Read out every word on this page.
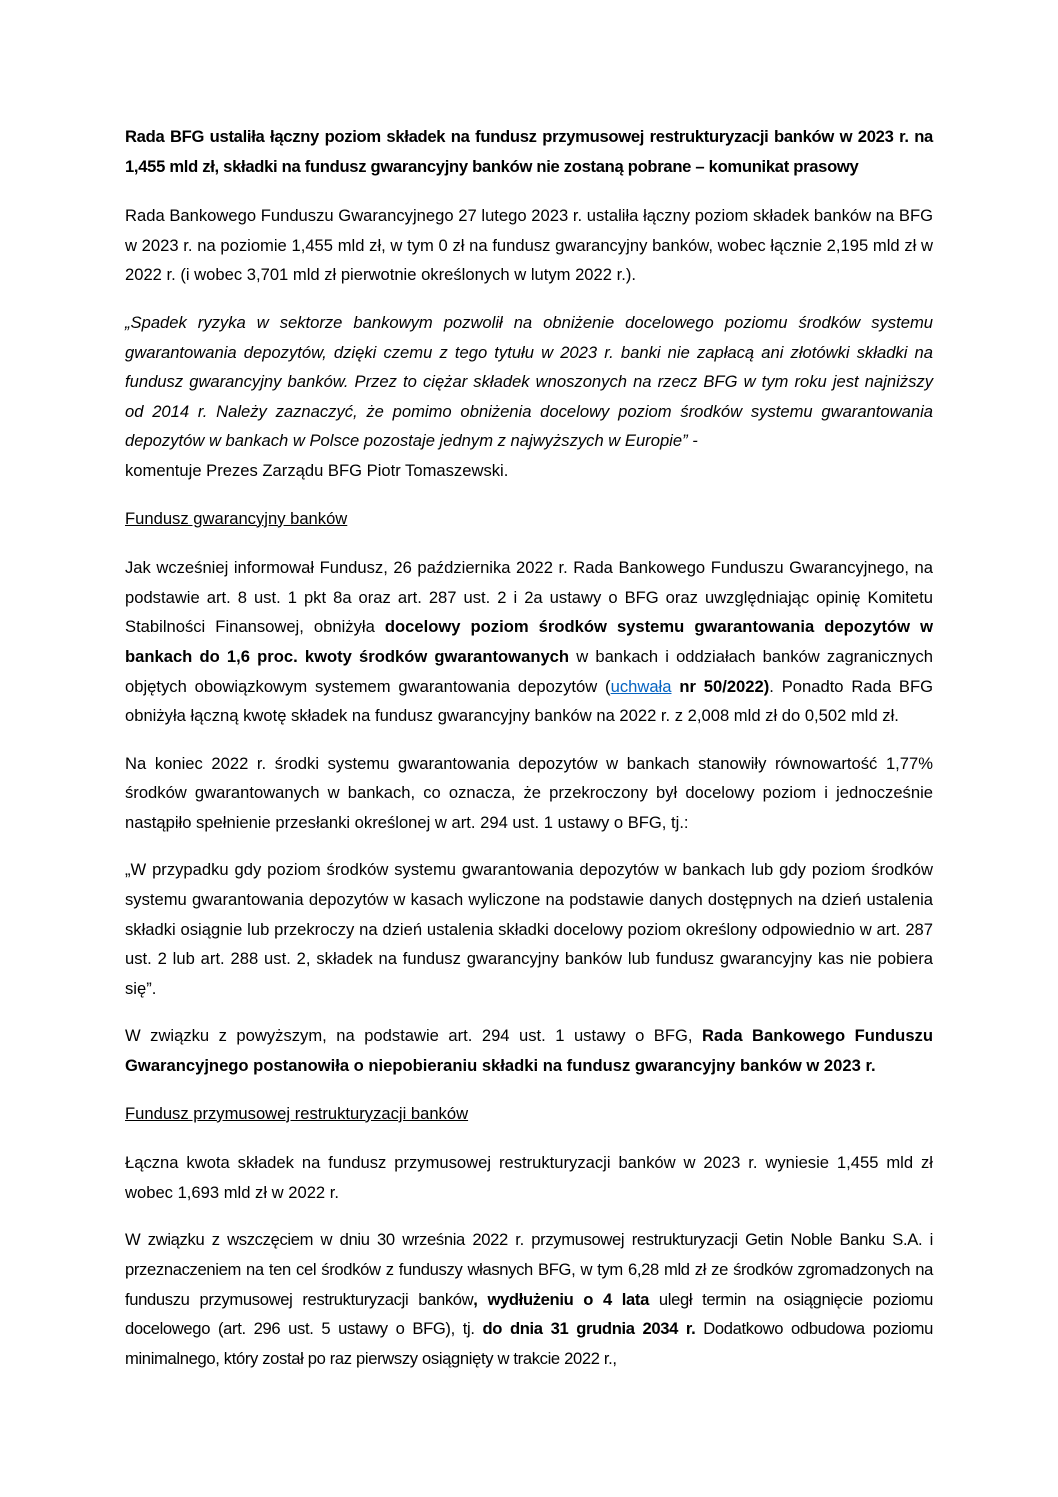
Rada BFG ustaliła łączny poziom składek na fundusz przymusowej restrukturyzacji banków w 2023 r. na 1,455 mld zł, składki na fundusz gwarancyjny banków nie zostaną pobrane – komunikat prasowy

Rada Bankowego Funduszu Gwarancyjnego 27 lutego 2023 r. ustaliła łączny poziom składek banków na BFG w 2023 r. na poziomie 1,455 mld zł, w tym 0 zł na fundusz gwarancyjny banków, wobec łącznie 2,195 mld zł w 2022 r. (i wobec 3,701 mld zł pierwotnie określonych w lutym 2022 r.).

„Spadek ryzyka w sektorze bankowym pozwolił na obniżenie docelowego poziomu środków systemu gwarantowania depozytów, dzięki czemu z tego tytułu w 2023 r. banki nie zapłacą ani złotówki składki na fundusz gwarancyjny banków. Przez to ciężar składek wnoszonych na rzecz BFG w tym roku jest najniższy od 2014 r. Należy zaznaczyć, że pomimo obniżenia docelowy poziom środków systemu gwarantowania depozytów w bankach w Polsce pozostaje jednym z najwyższych w Europie” -
komentuje Prezes Zarządu BFG Piotr Tomaszewski.

Fundusz gwarancyjny banków

Jak wcześniej informował Fundusz, 26 października 2022 r. Rada Bankowego Funduszu Gwarancyjnego, na podstawie art. 8 ust. 1 pkt 8a oraz art. 287 ust. 2 i 2a ustawy o BFG oraz uwzględniając opinię Komitetu Stabilności Finansowej, obniżyła docelowy poziom środków systemu gwarantowania depozytów w bankach do 1,6 proc. kwoty środków gwarantowanych w bankach i oddziałach banków zagranicznych objętych obowiązkowym systemem gwarantowania depozytów (uchwała nr 50/2022). Ponadto Rada BFG obniżyła łączną kwotę składek na fundusz gwarancyjny banków na 2022 r. z 2,008 mld zł do 0,502 mld zł.

Na koniec 2022 r. środki systemu gwarantowania depozytów w bankach stanowiły równowartość 1,77% środków gwarantowanych w bankach, co oznacza, że przekroczony był docelowy poziom i jednocześnie nastąpiło spełnienie przesłanki określonej w art. 294 ust. 1 ustawy o BFG, tj.:

„W przypadku gdy poziom środków systemu gwarantowania depozytów w bankach lub gdy poziom środków systemu gwarantowania depozytów w kasach wyliczone na podstawie danych dostępnych na dzień ustalenia składki osiągnie lub przekroczy na dzień ustalenia składki docelowy poziom określony odpowiednio w art. 287 ust. 2 lub art. 288 ust. 2, składek na fundusz gwarancyjny banków lub fundusz gwarancyjny kas nie pobiera się”.

W związku z powyższym, na podstawie art. 294 ust. 1 ustawy o BFG, Rada Bankowego Funduszu Gwarancyjnego postanowiła o niepobieraniu składki na fundusz gwarancyjny banków w 2023 r.

Fundusz przymusowej restrukturyzacji banków

Łączna kwota składek na fundusz przymusowej restrukturyzacji banków w 2023 r. wyniesie 1,455 mld zł wobec 1,693 mld zł w 2022 r.

W związku z wszczęciem w dniu 30 września 2022 r. przymusowej restrukturyzacji Getin Noble Banku S.A. i przeznaczeniem na ten cel środków z funduszy własnych BFG, w tym 6,28 mld zł ze środków zgromadzonych na funduszu przymusowej restrukturyzacji banków, wydłużeniu o 4 lata uległ termin na osiągnięcie poziomu docelowego (art. 296 ust. 5 ustawy o BFG), tj. do dnia 31 grudnia 2034 r. Dodatkowo odbudowa poziomu minimalnego, który został po raz pierwszy osiągnięty w trakcie 2022 r.,
